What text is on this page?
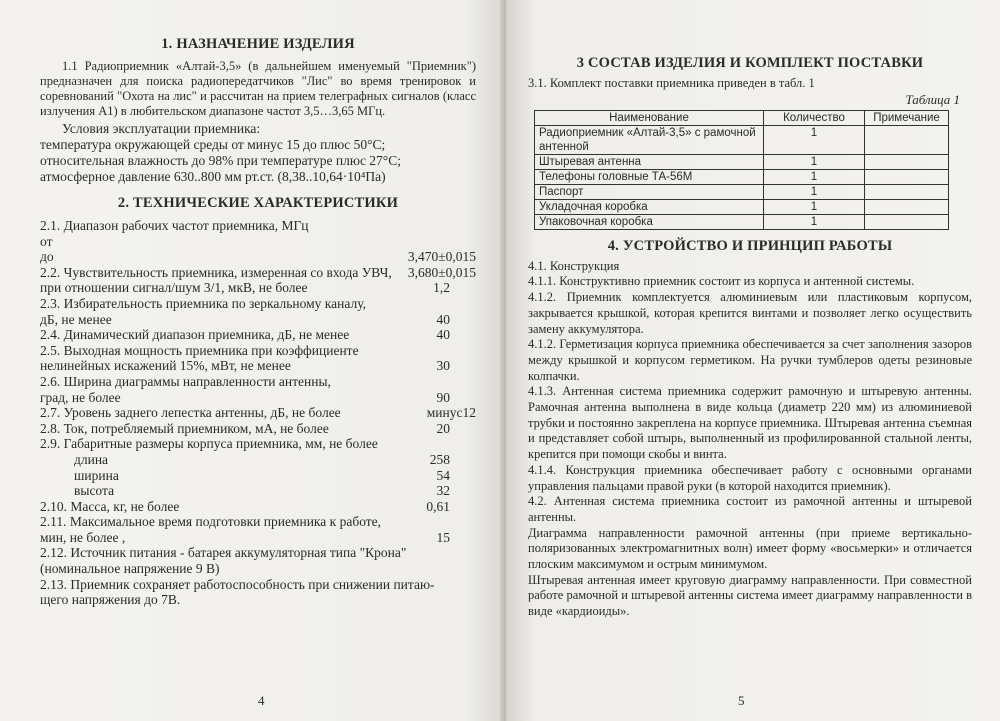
1. НАЗНАЧЕНИЕ ИЗДЕЛИЯ

1.1 Радиоприемник «Алтай-3,5» (в дальнейшем именуемый "Приемник") предназначен для поиска радиопередатчиков "Лис" во время тренировок и соревнований "Охота на лис" и рассчитан на прием телеграфных сигналов (класс излучения А1) в любительском диапазоне частот 3,5…3,65 МГц.

Условия эксплуатации приемника:

температура окружающей среды от минус 15 до плюс 50°С;

относительная влажность до 98% при температуре плюс 27°С;

атмосферное давление 630..800 мм рт.ст. (8,38..10,64·10⁴Па)

2. ТЕХНИЧЕСКИЕ ХАРАКТЕРИСТИКИ
2.1. Диапазон рабочих частот приемника, МГц
от
до	3,470±0,015
2.2. Чувствительность приемника, измеренная со входа УВЧ,	3,680±0,015
при отношении сигнал/шум 3/1, мкВ, не более	1,2
2.3. Избирательность приемника по зеркальному каналу,
дБ, не менее	40
2.4. Динамический диапазон приемника, дБ, не менее	40
2.5. Выходная мощность приемника при коэффициенте
нелинейных искажений 15%, мВт, не менее	30
2.6. Ширина диаграммы направленности антенны,
град, не более	90
2.7. Уровень заднего лепестка антенны, дБ, не более	минус12
2.8. Ток, потребляемый приемником, мА, не более	20
2.9. Габаритные размеры корпуса приемника, мм, не более
длина	258
ширина	54
высота	32
2.10. Масса, кг, не более	0,61
2.11. Максимальное время подготовки приемника к работе,
мин, не более ,	15
2.12. Источник питания - батарея аккумуляторная типа "Крона"
(номинальное напряжение 9 В)
2.13. Приемник сохраняет работоспособность при снижении питаю-
щего напряжения до 7В.
4
3 СОСТАВ ИЗДЕЛИЯ И КОМПЛЕКТ ПОСТАВКИ

3.1. Комплект поставки приемника приведен в табл. 1

Таблица 1

Наименование	Количество	Примечание
Радиоприемник «Алтай-3,5» с рамочной антенной	1	
Штыревая антенна	1	
Телефоны головные ТА-56М	1	
Паспорт	1	
Укладочная коробка	1	
Упаковочная коробка	1	
4. УСТРОЙСТВО И ПРИНЦИП РАБОТЫ

4.1. Конструкция

4.1.1. Конструктивно приемник состоит из корпуса и антенной системы.

4.1.2. Приемник комплектуется алюминиевым или пластиковым корпусом, закрывается крышкой, которая крепится винтами и позволяет легко осуществить замену аккумулятора.

4.1.2. Герметизация корпуса приемника обеспечивается за счет заполнения зазоров между крышкой и корпусом герметиком. На ручки тумблеров одеты резиновые колпачки.

4.1.3. Антенная система приемника содержит рамочную и штыревую антенны. Рамочная антенна выполнена в виде кольца (диаметр 220 мм) из алюминиевой трубки и постоянно закреплена на корпусе приемника. Штыревая антенна съемная и представляет собой штырь, выполненный из профилированной стальной ленты, крепится при помощи скобы и винта.

4.1.4. Конструкция приемника обеспечивает работу с основными органами управления пальцами правой руки (в которой находится приемник).

4.2. Антенная система приемника состоит из рамочной антенны и штыревой антенны.

Диаграмма направленности рамочной антенны (при приеме вертикально-поляризованных электромагнитных волн) имеет форму «восьмерки» и отличается плоским максимумом и острым минимумом.

Штыревая антенная имеет круговую диаграмму направленности. При совместной работе рамочной и штыревой антенны система имеет диаграмму направленности в виде «кардиоиды».

5
